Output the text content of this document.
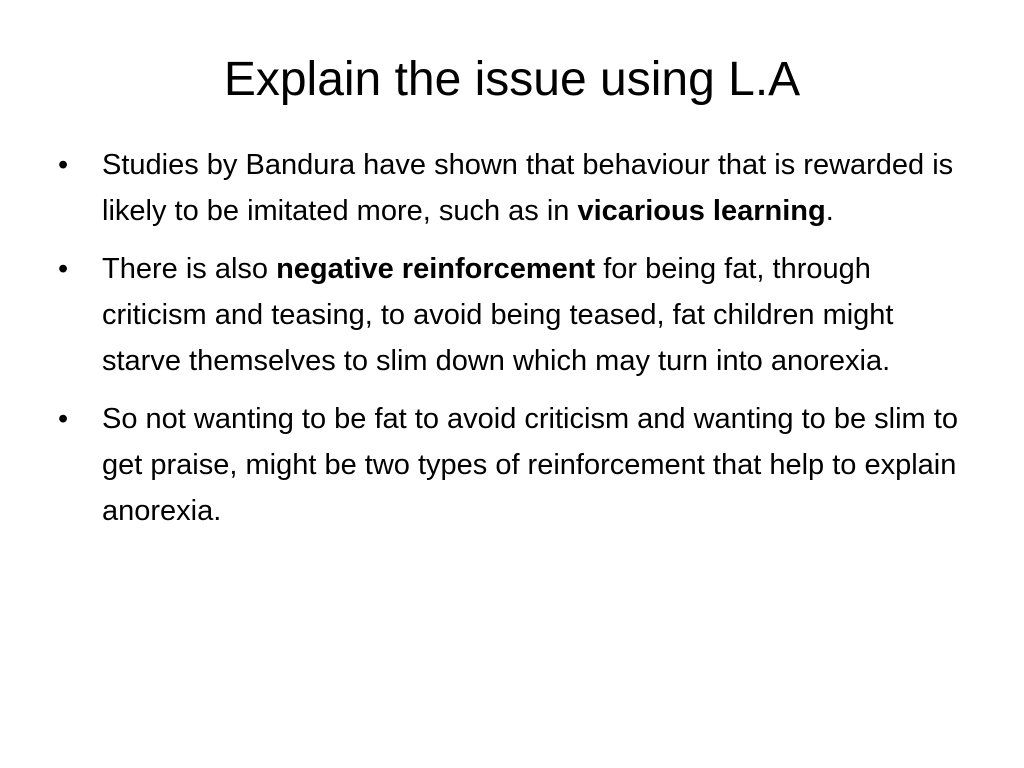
Explain the issue using L.A
•	Studies by Bandura have shown that behaviour that is rewarded is likely to be imitated more, such as in vicarious learning.
•	There is also negative reinforcement for being fat, through criticism and teasing, to avoid being teased, fat children might starve themselves to slim down which may turn into anorexia.
•	So not wanting to be fat to avoid criticism and wanting to be slim to get praise, might be two types of reinforcement that help to explain anorexia.
